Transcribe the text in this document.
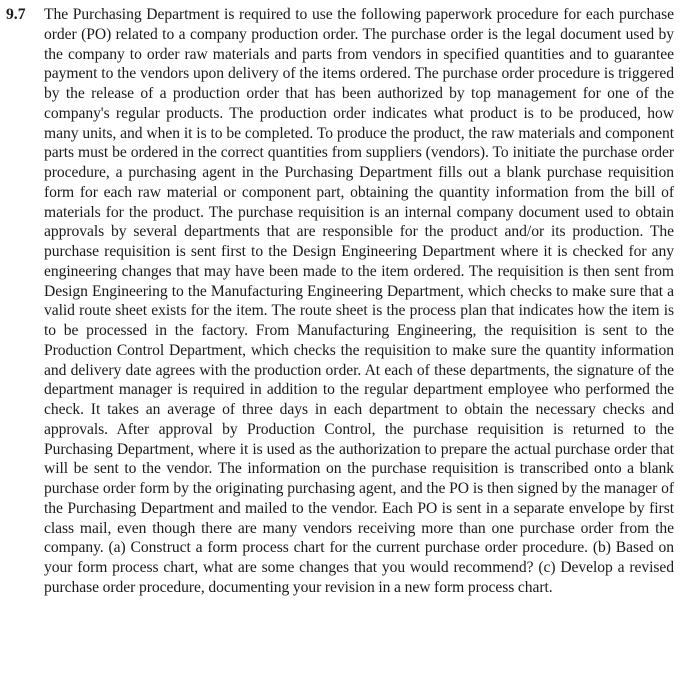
9.7 The Purchasing Department is required to use the following paperwork procedure for each purchase order (PO) related to a company production order. The purchase order is the legal document used by the company to order raw materials and parts from vendors in specified quantities and to guarantee payment to the vendors upon delivery of the items ordered. The purchase order procedure is triggered by the release of a production order that has been authorized by top management for one of the company's regular products. The production order indicates what product is to be produced, how many units, and when it is to be completed. To produce the product, the raw materials and component parts must be ordered in the correct quantities from suppliers (vendors). To initiate the purchase order procedure, a purchasing agent in the Purchasing Department fills out a blank purchase requisition form for each raw material or component part, obtaining the quantity information from the bill of materials for the product. The purchase requisition is an internal company document used to obtain approvals by several departments that are responsible for the product and/or its production. The purchase requisition is sent first to the Design Engineering Department where it is checked for any engineering changes that may have been made to the item ordered. The requisition is then sent from Design Engineering to the Manufacturing Engineering Department, which checks to make sure that a valid route sheet exists for the item. The route sheet is the process plan that indicates how the item is to be processed in the factory. From Manufacturing Engineering, the requisition is sent to the Production Control Department, which checks the requisition to make sure the quantity information and delivery date agrees with the production order. At each of these departments, the signature of the department manager is required in addition to the regular department employee who performed the check. It takes an average of three days in each department to obtain the necessary checks and approvals. After approval by Production Control, the purchase requisition is returned to the Purchasing Department, where it is used as the authorization to prepare the actual purchase order that will be sent to the vendor. The information on the purchase requisition is transcribed onto a blank purchase order form by the originating purchasing agent, and the PO is then signed by the manager of the Purchasing Department and mailed to the vendor. Each PO is sent in a separate envelope by first class mail, even though there are many vendors receiving more than one purchase order from the company. (a) Construct a form process chart for the current purchase order procedure. (b) Based on your form process chart, what are some changes that you would recommend? (c) Develop a revised purchase order procedure, documenting your revision in a new form process chart.
